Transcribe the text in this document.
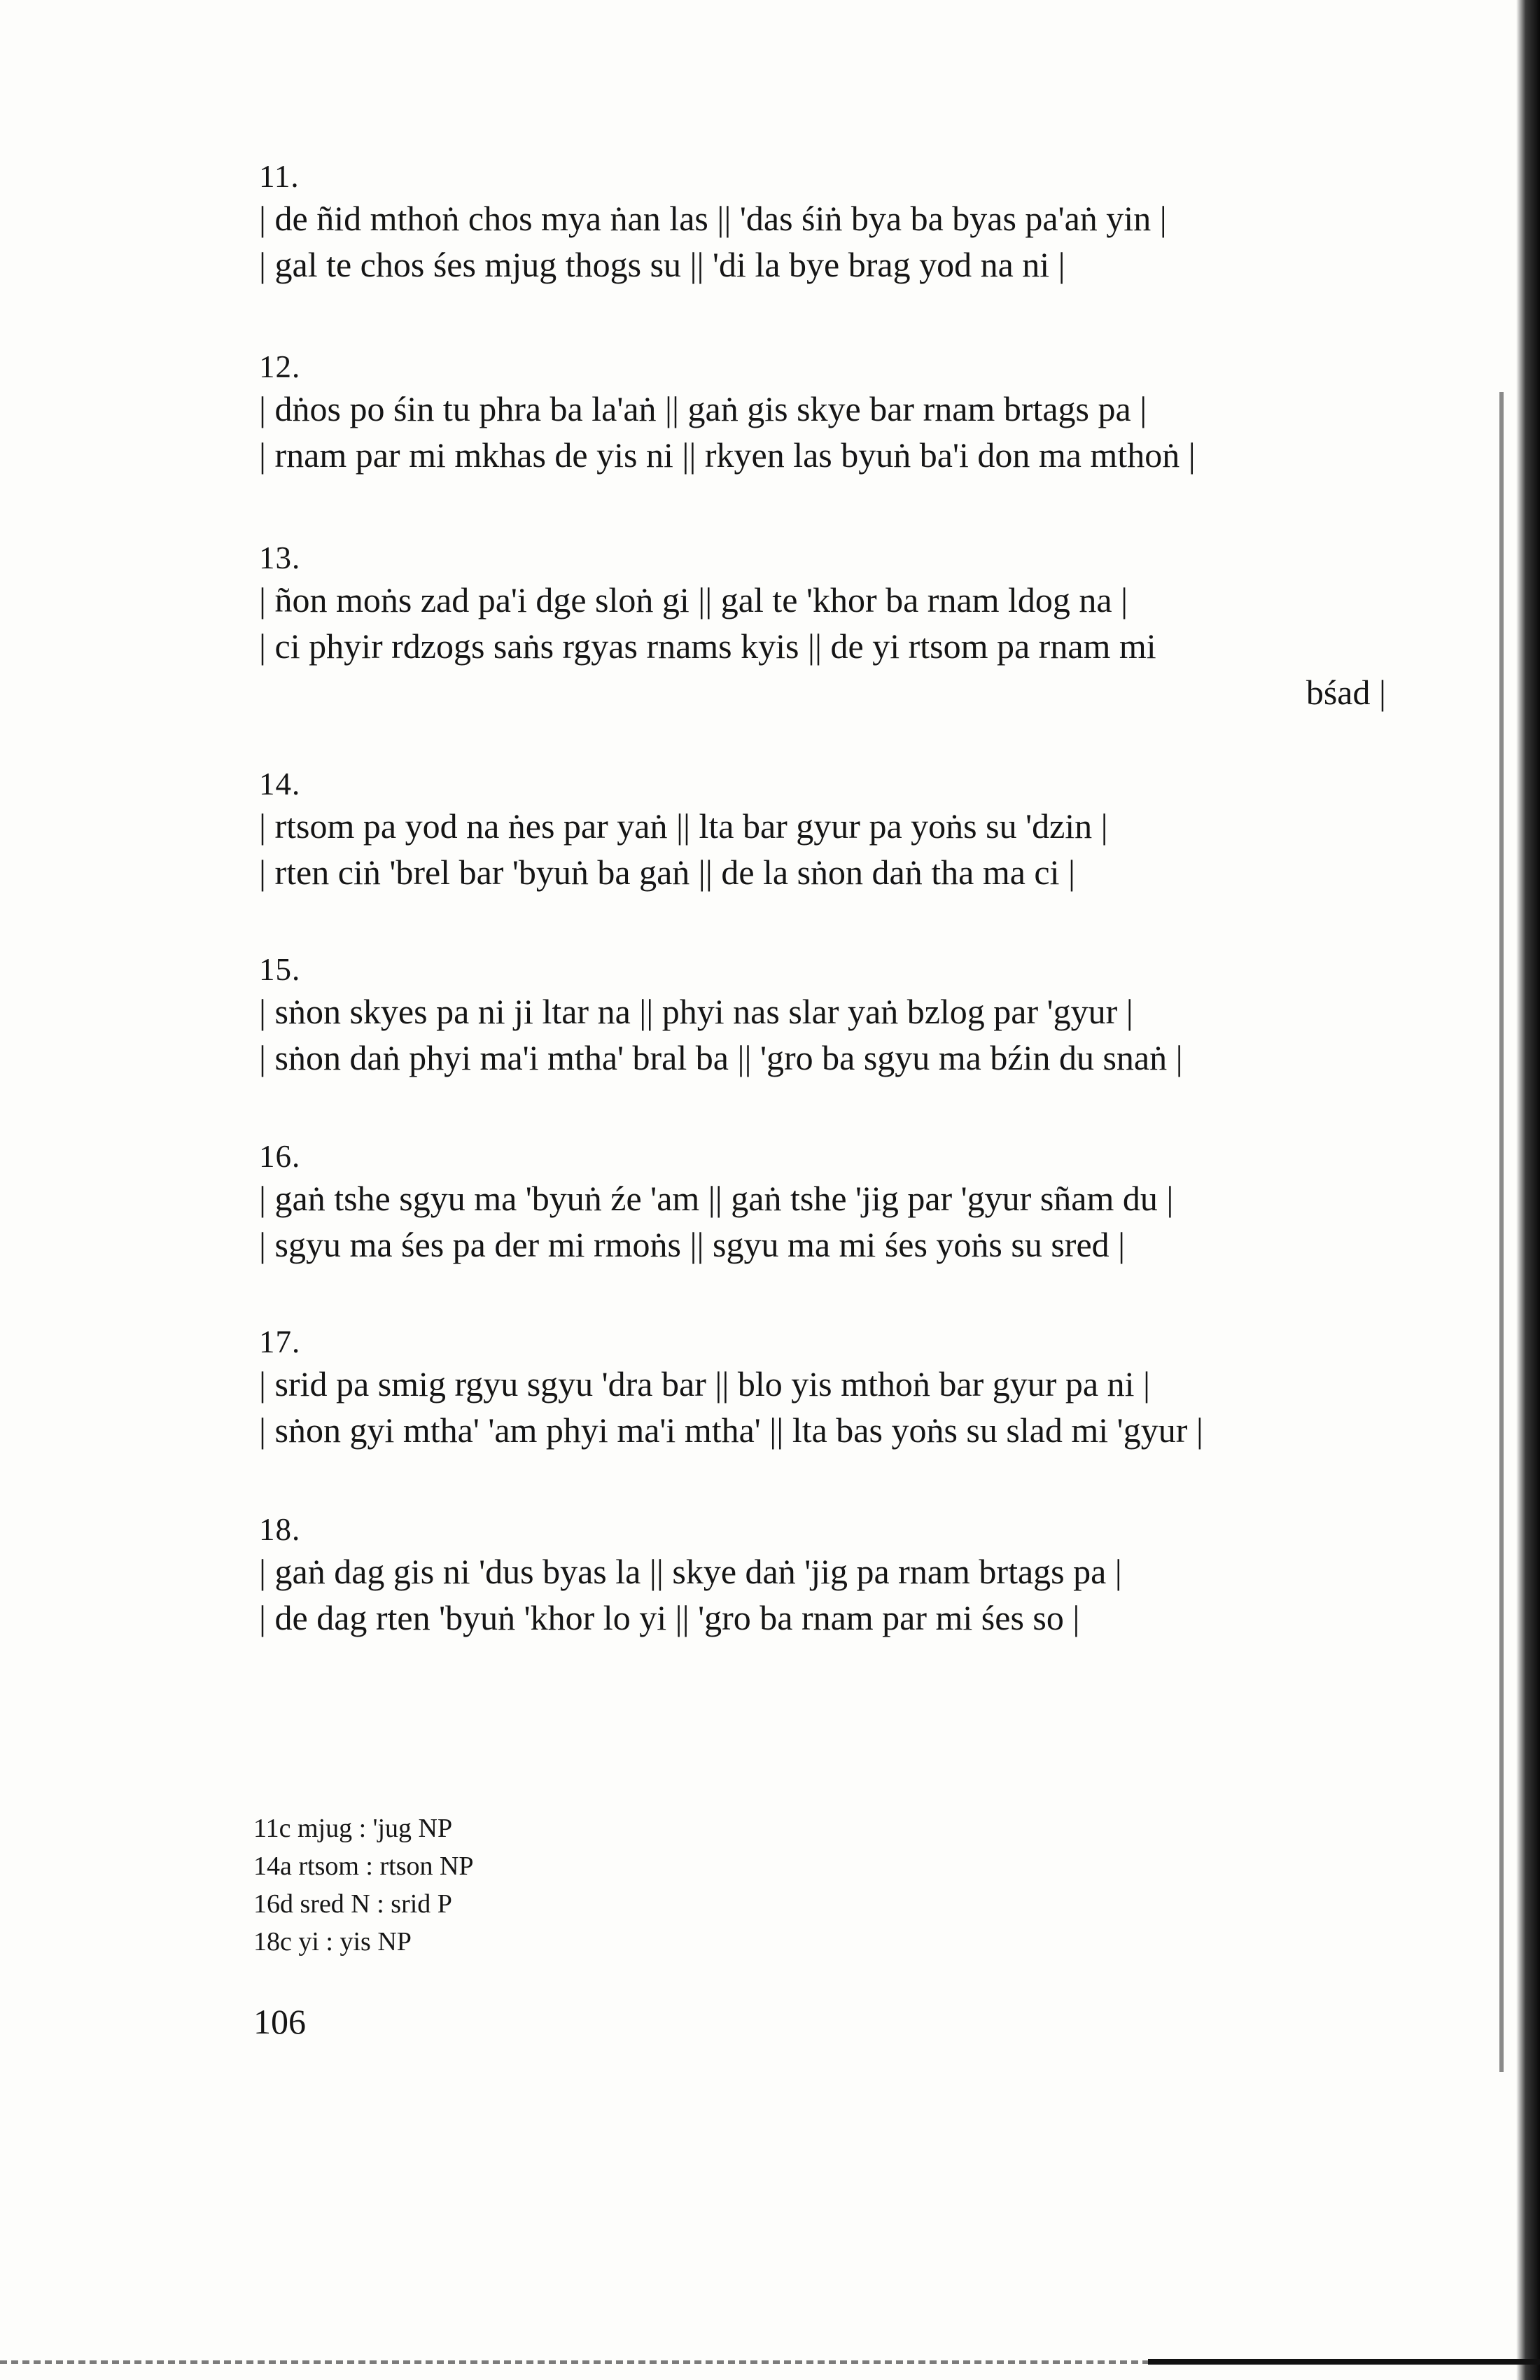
11.
| de ñid mthoṅ chos mya ṅan las || 'das śiṅ bya ba byas pa'aṅ yin |
| gal te chos śes mjug thogs su || 'di la bye brag yod na ni |
12.
| dṅos po śin tu phra ba la'aṅ || gaṅ gis skye bar rnam brtags pa |
| rnam par mi mkhas de yis ni || rkyen las byuṅ ba'i don ma mthoṅ |
13.
| ñon moṅs zad pa'i dge sloṅ gi || gal te 'khor ba rnam ldog na |
| ci phyir rdzogs saṅs rgyas rnams kyis || de yi rtsom pa rnam mi
bśad |
14.
| rtsom pa yod na ṅes par yaṅ || lta bar gyur pa yoṅs su 'dzin |
| rten ciṅ 'brel bar 'byuṅ ba gaṅ || de la sṅon daṅ tha ma ci |
15.
| sṅon skyes pa ni ji ltar na || phyi nas slar yaṅ bzlog par 'gyur |
| sṅon daṅ phyi ma'i mtha' bral ba || 'gro ba sgyu ma bźin du snaṅ |
16.
| gaṅ tshe sgyu ma 'byuṅ źe 'am || gaṅ tshe 'jig par 'gyur sñam du |
| sgyu ma śes pa der mi rmoṅs || sgyu ma mi śes yoṅs su sred |
17.
| srid pa smig rgyu sgyu 'dra bar || blo yis mthoṅ bar gyur pa ni |
| sṅon gyi mtha' 'am phyi ma'i mtha' || lta bas yoṅs su slad mi 'gyur |
18.
| gaṅ dag gis ni 'dus byas la || skye daṅ 'jig pa rnam brtags pa |
| de dag rten 'byuṅ 'khor lo yi || 'gro ba rnam par mi śes so |
11c mjug : 'jug NP
14a rtsom : rtson NP
16d sred N : srid P
18c yi : yis NP
106
